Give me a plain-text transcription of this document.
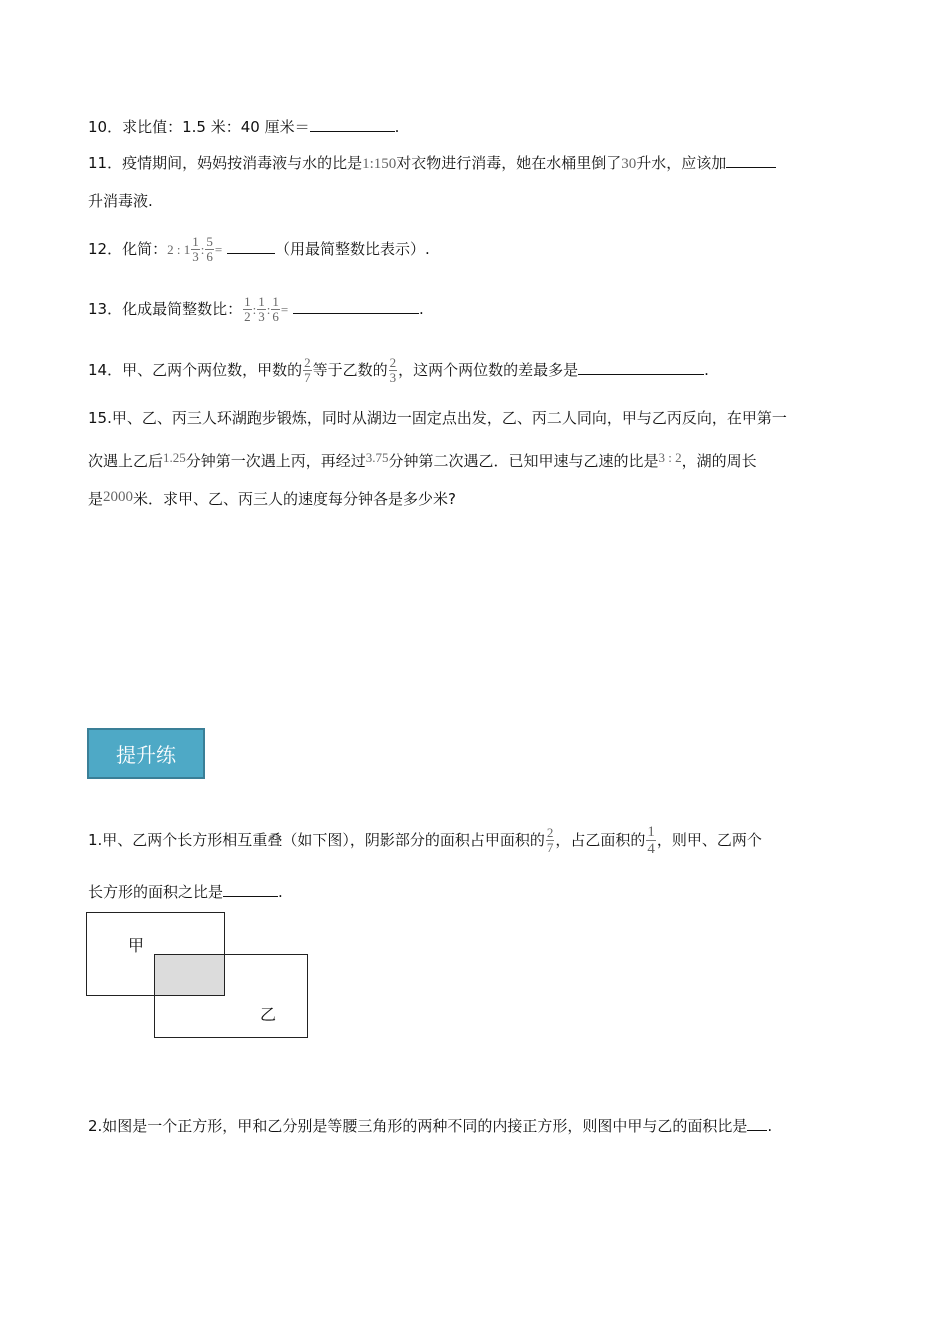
10．求比值：1.5 米：40 厘米＝	.
11．疫情期间，妈妈按消毒液与水的比是1:150对衣物进行消毒，她在水桶里倒了30升水，应该加
升消毒液.
12．化简：2 : $1 \frac{1}{3}$ : $\frac{5}{6}$ =	（用最简整数比表示）.
13．化成最简整数比： $\frac{1}{2}$ : $\frac{1}{3}$ : $\frac{1}{6}$ =	.
14．甲、乙两个两位数，甲数的 $\frac{2}{7}$ 等于乙数的 $\frac{2}{3}$ ，这两个两位数的差最多是	.
15.甲、乙、丙三人环湖跑步锻炼，同时从湖边一固定点出发，乙、丙二人同向，甲与乙丙反向，在甲第一
次遇上乙后1.25分钟第一次遇上丙，再经过3.75分钟第二次遇乙．已知甲速与乙速的比是3 : 2，湖的周长
是2000米．求甲、乙、丙三人的速度每分钟各是多少米?
提升练
1.甲、乙两个长方形相互重叠（如下图），阴影部分的面积占甲面积的 $\frac{2}{7}$ ，占乙面积的 $\frac{1}{4}$ ，则甲、乙两个
长方形的面积之比是	.
甲
乙
2.如图是一个正方形，甲和乙分别是等腰三角形的两种不同的内接正方形，则图中甲与乙的面积比是 .
